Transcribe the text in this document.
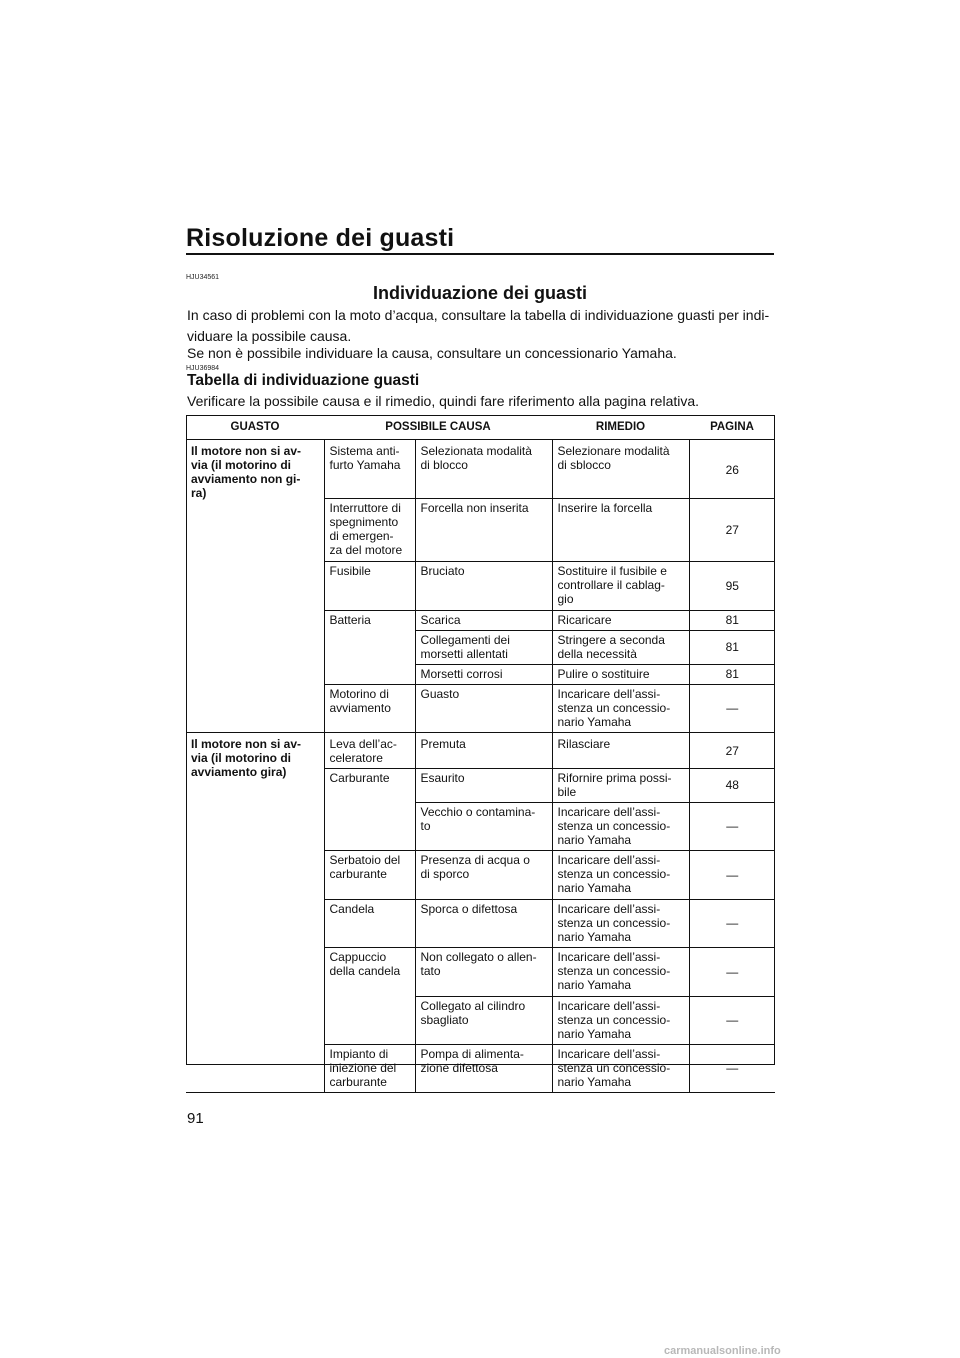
Risoluzione dei guasti
HJU34561
Individuazione dei guasti

In caso di problemi con la moto d’acqua, consultare la tabella di individuazione guasti per indi-
viduare la possibile causa.

Se non è possibile individuare la causa, consultare un concessionario Yamaha.

HJU36984
Tabella di individuazione guasti

Verificare la possibile causa e il rimedio, quindi fare riferimento alla pagina relativa.

GUASTO	POSSIBILE CAUSA		RIMEDIO	PAGINA
Il motore non si av-
via (il motorino di
avviamento non gi-
ra)	Sistema anti-
furto Yamaha	Selezionata modalità
di blocco	Selezionare modalità
di sblocco	26
	Interruttore di
spegnimento
di emergen-
za del motore	Forcella non inserita	Inserire la forcella	27
	Fusibile	Bruciato	Sostituire il fusibile e
controllare il cablag-
gio	95
	Batteria	Scarica	Ricaricare	81
		Collegamenti dei
morsetti allentati	Stringere a seconda
della necessità	81
		Morsetti corrosi	Pulire o sostituire	81
	Motorino di
avviamento	Guasto	Incaricare dell’assi-
stenza un concessio-
nario Yamaha	—
Il motore non si av-
via (il motorino di
avviamento gira)	Leva dell’ac-
celeratore	Premuta	Rilasciare	27
	Carburante	Esaurito	Rifornire prima possi-
bile	48
		Vecchio o contamina-
to	Incaricare dell’assi-
stenza un concessio-
nario Yamaha	—
	Serbatoio del
carburante	Presenza di acqua o
di sporco	Incaricare dell’assi-
stenza un concessio-
nario Yamaha	—
	Candela	Sporca o difettosa	Incaricare dell’assi-
stenza un concessio-
nario Yamaha	—
	Cappuccio
della candela	Non collegato o allen-
tato	Incaricare dell’assi-
stenza un concessio-
nario Yamaha	—
		Collegato al cilindro
sbagliato	Incaricare dell’assi-
stenza un concessio-
nario Yamaha	—
	Impianto di
iniezione del
carburante	Pompa di alimenta-
zione difettosa	Incaricare dell’assi-
stenza un concessio-
nario Yamaha	—
91
carmanualsonline.info
